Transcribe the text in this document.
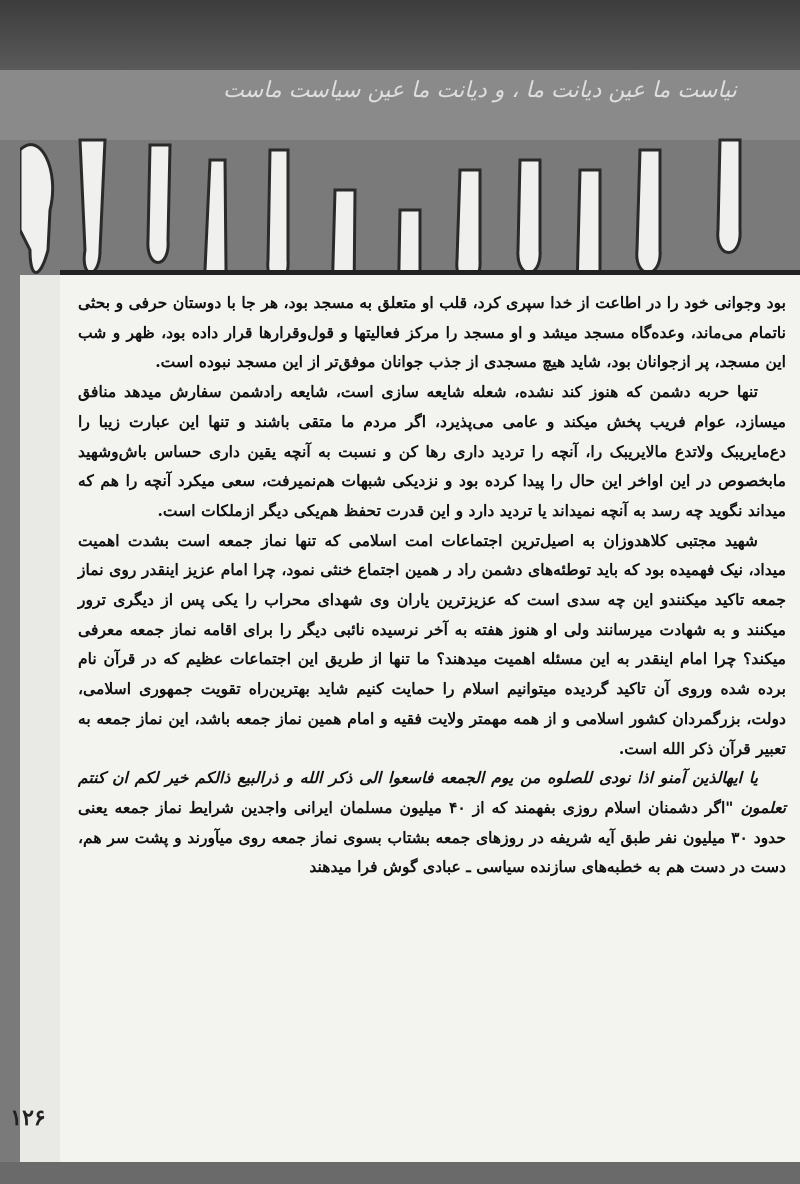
نیاست ما عین دیانت ما ، و دیانت ما عین سیاست ماست

بود وجوانی خود را در اطاعت از خدا سپری کرد، قلب او متعلق به مسجد بود، هر جا با دوستان حرفی و بحثی ناتمام می‌ماند، وعده‌گاه مسجد میشد و او مسجد را مرکز فعالیتها و قول‌وقرارها قرار داده بود، ظهر و شب این مسجد، پر ازجوانان بود، شاید هیچ مسجدی از جذب جوانان موفق‌تر از این مسجد نبوده است.

تنها حربه دشمن که هنوز کند نشده، شعله شایعه سازی است، شایعه رادشمن سفارش میدهد منافق میسازد، عوام فریب پخش میکند و عامی می‌پذیرد، اگر مردم ما متقی باشند و تنها این عبارت زیبا را دع‌مایریبک ولاتدع مالایریبک را، آنچه را تردید داری رها کن و نسبت به آنچه یقین داری حساس باش‌وشهید مابخصوص در این اواخر این حال را پیدا کرده بود و نزدیکی شبهات هم‌نمیرفت، سعی میکرد آنچه را هم که میداند نگوید چه رسد به آنچه نمیداند یا تردید دارد و این قدرت تحفظ هم‌یکی دیگر ازملکات است.

شهید مجتبی کلاهدوزان به اصیل‌ترین اجتماعات امت اسلامی که تنها نماز جمعه است بشدت اهمیت میداد، نیک فهمیده بود که باید توطئه‌های دشمن راد ر همین اجتماع خنثی نمود، چرا امام عزیز اینقدر روی نماز جمعه تاکید میکنندو این چه سدی است که عزیزترین یاران وی شهدای محراب را یکی پس از دیگری ترور میکنند و به شهادت میرسانند ولی او هنوز هفته به آخر نرسیده نائبی دیگر را برای اقامه نماز جمعه معرفی میکند؟ چرا امام اینقدر به این مسئله اهمیت میدهند؟ ما تنها از طریق این اجتماعات عظیم که در قرآن نام برده شده وروی آن تاکید گردیده میتوانیم اسلام را حمایت کنیم شاید بهترین‌راه تقویت جمهوری اسلامی، دولت، بزرگمردان کشور اسلامی و از همه مهمتر ولایت فقیه و امام همین نماز جمعه باشد، این نماز جمعه به تعبیر قرآن ذکر الله است.

یا ایهالذین آمنو اذا نودی للصلوه من یوم الجمعه فاسعوا الی ذکر الله و ذرالبیع ذالکم خیر لکم ان کنتم تعلمون "اگر دشمنان اسلام روزی بفهمند که از ۴۰ میلیون مسلمان ایرانی واجدین شرایط نماز جمعه یعنی حدود ۳۰ میلیون نفر طبق آیه شریفه در روزهای جمعه بشتاب بسوی نماز جمعه روی میآورند و پشت سر هم، دست در دست هم به خطبه‌های سازنده سیاسی ـ عبادی گوش فرا میدهند

۱۲۶
